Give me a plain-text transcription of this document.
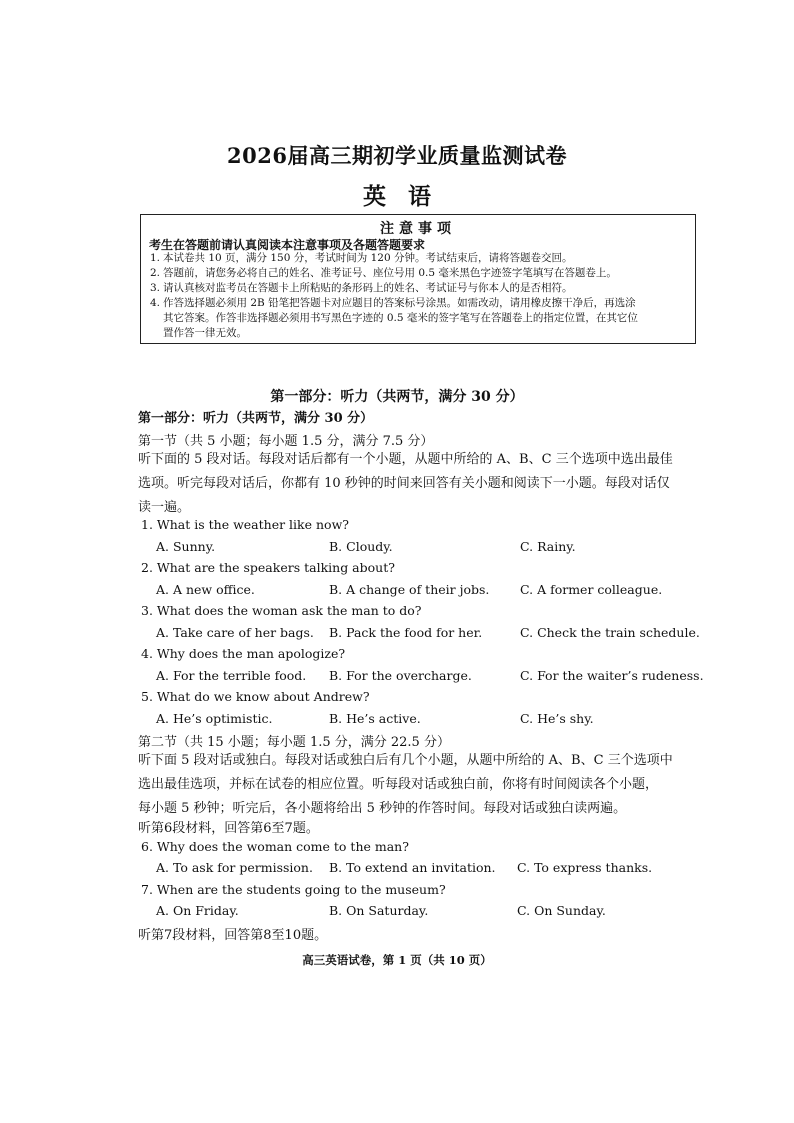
2026届高三期初学业质量监测试卷
英语
注意事项
考生在答题前请认真阅读本注意事项及各题答题要求
1. 本试卷共 10 页，满分 150 分，考试时间为 120 分钟。考试结束后，请将答题卷交回。
2. 答题前，请您务必将自己的姓名、准考证号、座位号用 0.5 毫米黑色字迹签字笔填写在答题卷上。
3. 请认真核对监考员在答题卡上所粘贴的条形码上的姓名、考试证号与你本人的是否相符。
4. 作答选择题必须用 2B 铅笔把答题卡对应题目的答案标号涂黑。如需改动，请用橡皮擦干净后，再选涂
其它答案。作答非选择题必须用书写黑色字迹的 0.5 毫米的签字笔写在答题卷上的指定位置，在其它位
置作答一律无效。
第一部分：听力（共两节，满分 30 分）
第一部分：听力（共两节，满分 30 分）
第一节（共 5 小题；每小题 1.5 分，满分 7.5 分）
听下面的 5 段对话。每段对话后都有一个小题，从题中所给的 A、B、C 三个选项中选出最佳
选项。听完每段对话后，你都有 10 秒钟的时间来回答有关小题和阅读下一小题。每段对话仅
读一遍。
1. What is the weather like now?
A. Sunny.	B. Cloudy.	C. Rainy.
2. What are the speakers talking about?
A. A new office.	B. A change of their jobs. C. A former colleague.
3. What does the woman ask the man to do?
A. Take care of her bags. B. Pack the food for her.	C. Check the train schedule.
4. Why does the man apologize?
A. For the terrible food. B. For the overcharge.	C. For the waiter’s rudeness.
5. What do we know about Andrew?
A. He’s optimistic.	B. He’s active.	C. He’s shy.
第二节（共 15 小题；每小题 1.5 分，满分 22.5 分）
听下面 5 段对话或独白。每段对话或独白后有几个小题，从题中所给的 A、B、C 三个选项中
选出最佳选项，并标在试卷的相应位置。听每段对话或独白前，你将有时间阅读各个小题，
每小题 5 秒钟；听完后，各小题将给出 5 秒钟的作答时间。每段对话或独白读两遍。
听第6段材料，回答第6至7题。
6. Why does the woman come to the man?
A. To ask for permission. B. To extend an invitation. C. To express thanks.
7. When are the students going to the museum?
A. On Friday.	B. On Saturday.	C. On Sunday.
听第7段材料，回答第8至10题。
高三英语试卷，第 1 页（共 10 页）
